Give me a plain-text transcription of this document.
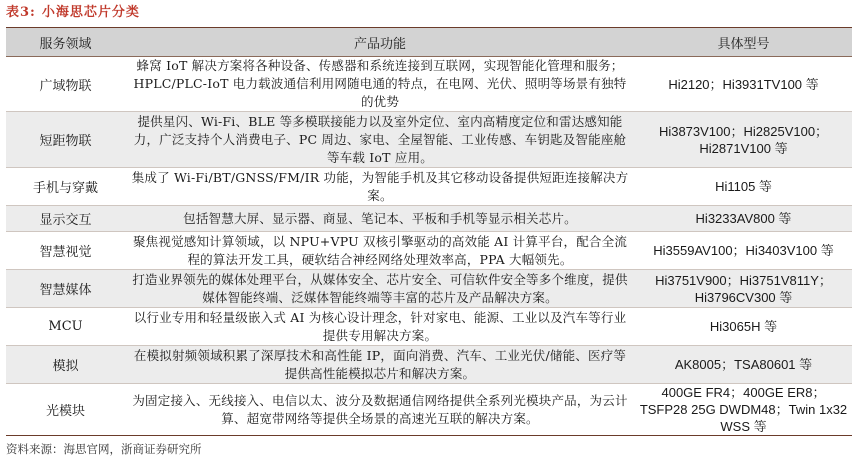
表3: 小海思芯片分类
服务领域	产品功能	具体型号
广域物联	蜂窝 IoT 解决方案将各种设备、传感器和系统连接到互联网，实现智能化管理和服务；HPLC/PLC-IoT 电力载波通信利用网随电通的特点，在电网、光伏、照明等场景有独特的优势	Hi2120；Hi3931TV100 等
短距物联	提供星闪、Wi-Fi、BLE 等多模联接能力以及室外定位、室内高精度定位和雷达感知能力，广泛支持个人消费电子、PC 周边、家电、全屋智能、工业传感、车钥匙及智能座舱等车载 IoT 应用。	Hi3873V100；Hi2825V100；Hi2871V100 等
手机与穿戴	集成了 Wi-Fi/BT/GNSS/FM/IR 功能，为智能手机及其它移动设备提供短距连接解决方案。	Hi1105 等
显示交互	包括智慧大屏、显示器、商显、笔记本、平板和手机等显示相关芯片。	Hi3233AV800 等
智慧视觉	聚焦视觉感知计算领域，以 NPU+VPU 双核引擎驱动的高效能 AI 计算平台，配合全流程的算法开发工具，硬软结合神经网络处理效率高，PPA 大幅领先。	Hi3559AV100；Hi3403V100 等
智慧媒体	打造业界领先的媒体处理平台，从媒体安全、芯片安全、可信软件安全等多个维度，提供媒体智能终端、泛媒体智能终端等丰富的芯片及产品解决方案。	Hi3751V900；Hi3751V811Y；Hi3796CV300 等
MCU	以行业专用和轻量级嵌入式 AI 为核心设计理念，针对家电、能源、工业以及汽车等行业提供专用解决方案。	Hi3065H 等
模拟	在模拟射频领域积累了深厚技术和高性能 IP，面向消费、汽车、工业光伏/储能、医疗等提供高性能模拟芯片和解决方案。	AK8005；TSA80601 等
光模块	为固定接入、无线接入、电信以太、波分及数据通信网络提供全系列光模块产品，为云计算、超宽带网络等提供全场景的高速光互联的解决方案。	400GE FR4；400GE ER8；TSFP28 25G DWDM48；Twin 1x32 WSS 等
资料来源：海思官网，浙商证券研究所
